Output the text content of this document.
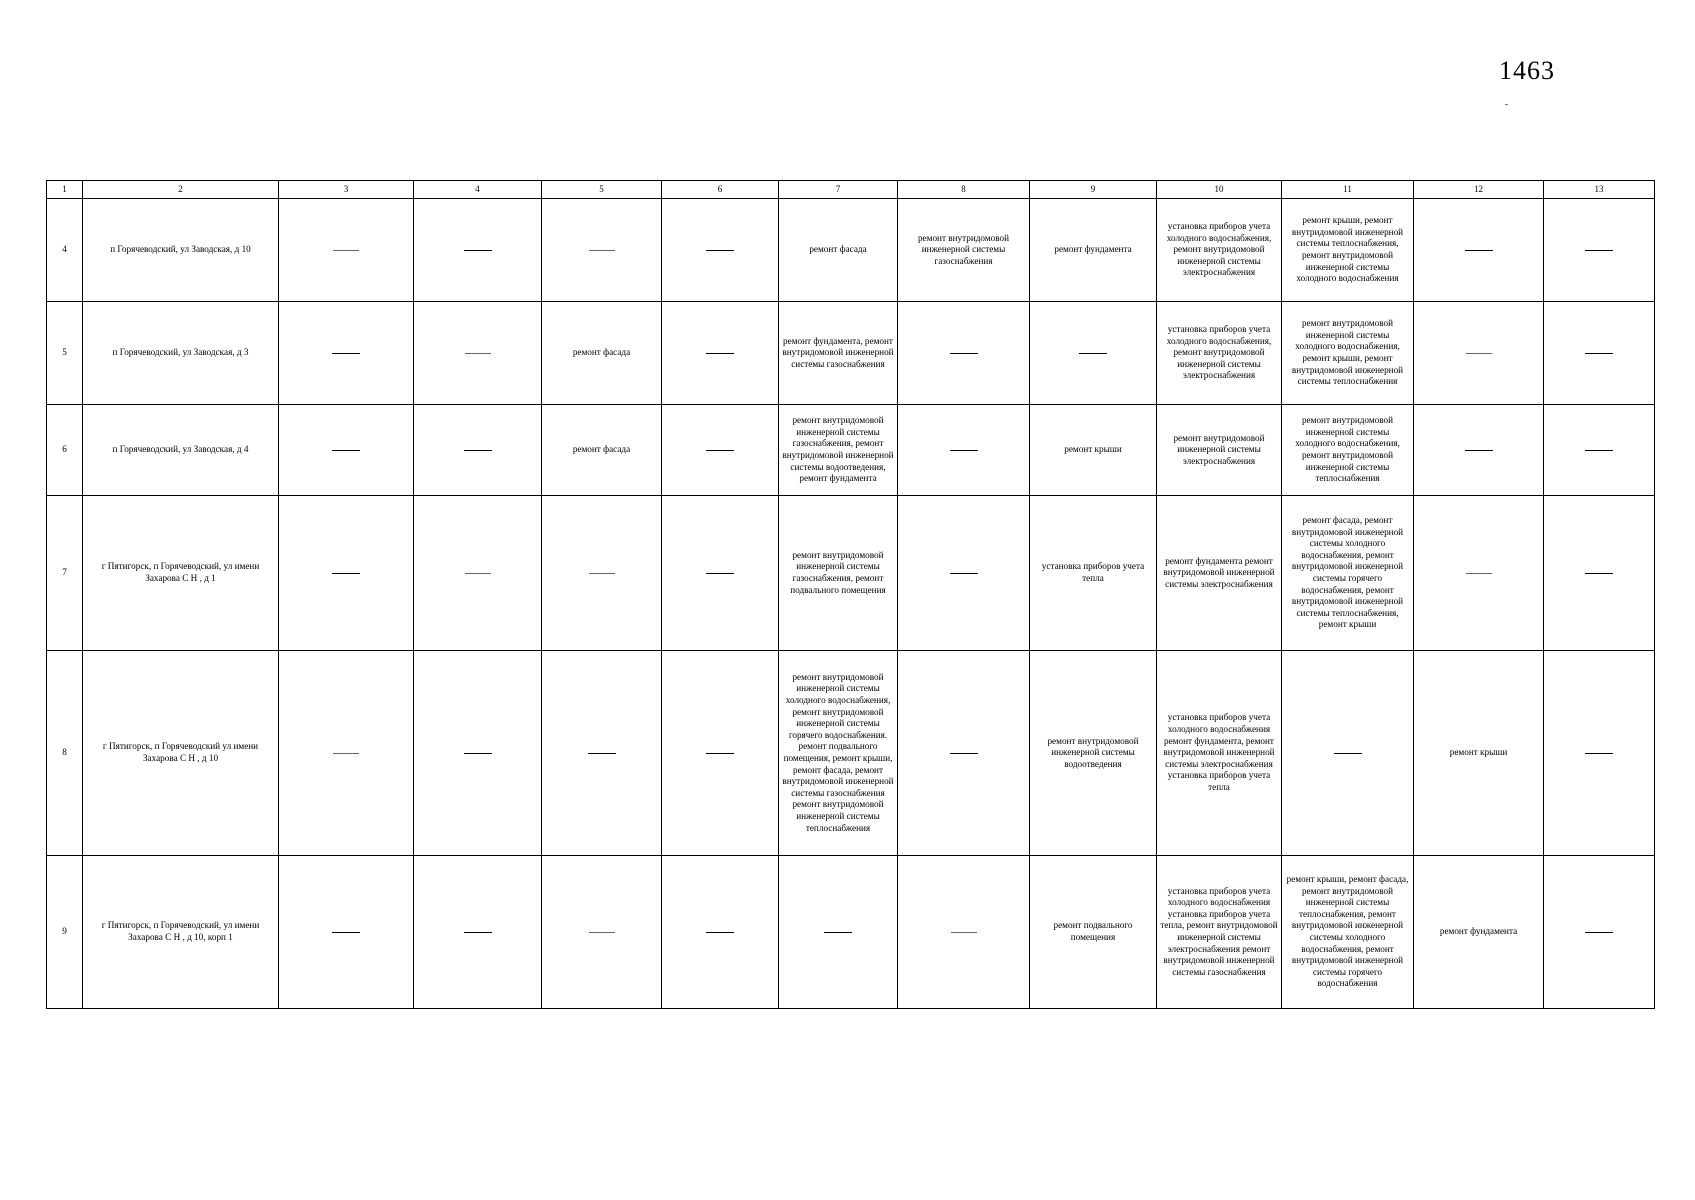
1463
1	2	3	4	5	6	7	8	9	10	11	12	13
4	п Горячеводский, ул Заводская, д 10					ремонт фасада	ремонт внутридомовой инженерной системы газоснабжения	ремонт фундамента	установка приборов учета холодного водоснабжения, ремонт внутридомовой инженерной системы электроснабжения	ремонт крыши, ремонт внутридомовой инженерной системы теплоснабжения, ремонт внутридомовой инженерной системы холодного водоснабжения		
5	п Горячеводский, ул Заводская, д 3			ремонт фасада		ремонт фундамента, ремонт внутридомовой инженерной системы газоснабжения			установка приборов учета холодного водоснабжения, ремонт внутридомовой инженерной системы электроснабжения	ремонт внутридомовой инженерной системы холодного водоснабжения, ремонт крыши, ремонт внутридомовой инженерной системы теплоснабжения		
6	п Горячеводский, ул Заводская, д 4			ремонт фасада		ремонт внутридомовой инженерной системы газоснабжения, ремонт внутридомовой инженерной системы водоотведения, ремонт фундамента		ремонт крыши	ремонт внутридомовой инженерной системы электроснабжения	ремонт внутридомовой инженерной системы холодного водоснабжения, ремонт внутридомовой инженерной системы теплоснабжения		
7	г Пятигорск, п Горячеводский, ул имени Захарова С Н , д 1					ремонт внутридомовой инженерной системы газоснабжения, ремонт подвального помещения		установка приборов учета тепла	ремонт фундамента ремонт внутридомовой инженерной системы электроснабжения	ремонт фасада, ремонт внутридомовой инженерной системы холодного водоснабжения, ремонт внутридомовой инженерной системы горячего водоснабжения, ремонт внутридомовой инженерной системы теплоснабжения, ремонт крыши		
8	г Пятигорск, п Горячеводский ул имени Захарова С Н , д 10					ремонт внутридомовой инженерной системы холодного водоснабжения, ремонт внутридомовой инженерной системы горячего водоснабжения. ремонт подвального помещения, ремонт крыши, ремонт фасада, ремонт внутридомовой инженерной системы газоснабжения ремонт внутридомовой инженерной системы теплоснабжения		ремонт внутридомовой инженерной системы водоотведения	установка приборов учета холодного водоснабжения ремонт фундамента, ремонт внутридомовой инженерной системы электроснабжения установка приборов учета тепла		ремонт крыши	
9	г Пятигорск, п Горячеводский, ул имени Захарова С Н , д 10, корп 1							ремонт подвального помещения	установка приборов учета холодного водоснабжения установка приборов учета тепла, ремонт внутридомовой инженерной системы электроснабжения ремонт внутридомовой инженерной системы газоснабжения	ремонт крыши, ремонт фасада, ремонт внутридомовой инженерной системы теплоснабжения, ремонт внутридомовой инженерной системы холодного водоснабжения, ремонт внутридомовой инженерной системы горячего водоснабжения	ремонт фундамента	
